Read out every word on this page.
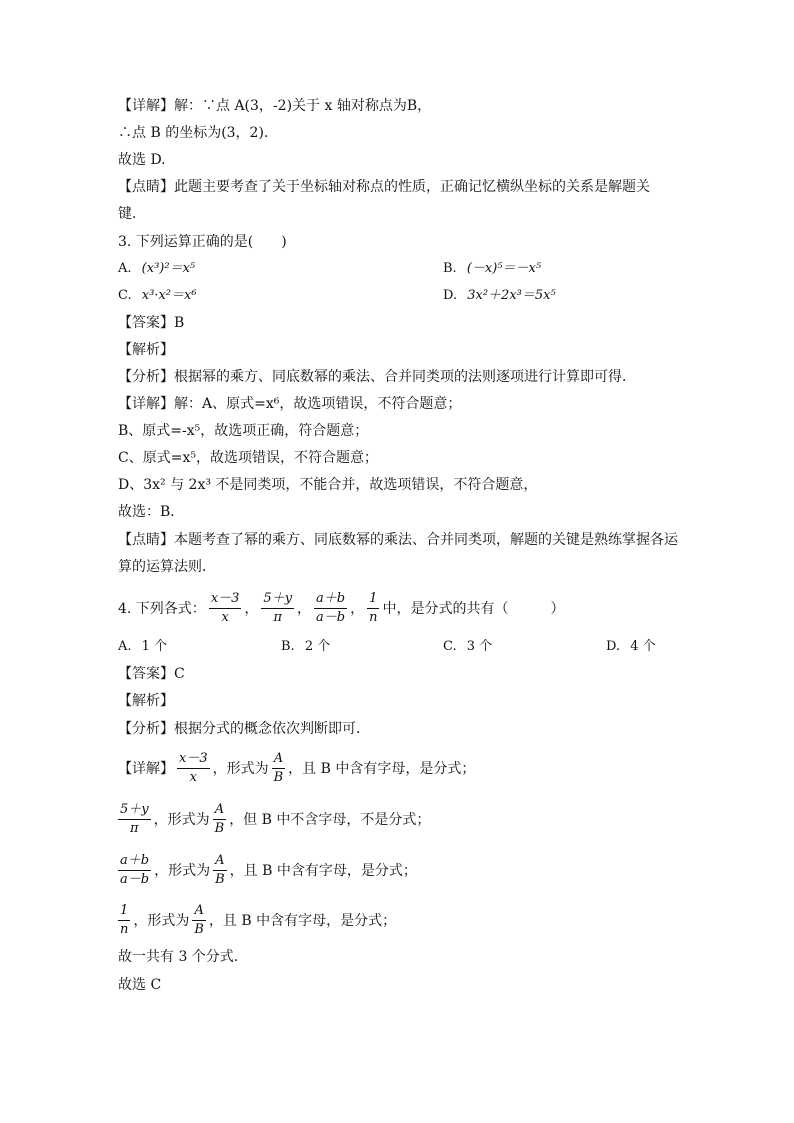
【详解】解：∵点 A(3，-2)关于 x 轴对称点为B，
∴点 B 的坐标为(3，2).
故选 D.
【点睛】此题主要考查了关于坐标轴对称点的性质，正确记忆横纵坐标的关系是解题关
键．
3. 下列运算正确的是(　　)
A. (x³)²＝x⁵	B. (－x)⁵＝－x⁵
C. x³·x²＝x⁶	D. 3x²＋2x³＝5x⁵
【答案】B
【解析】
【分析】根据幂的乘方、同底数幂的乘法、合并同类项的法则逐项进行计算即可得．
【详解】解：A、原式=x⁶，故选项错误，不符合题意；
B、原式=-x⁵，故选项正确，符合题意；
C、原式=x⁵，故选项错误，不符合题意；
D、3x² 与 2x³ 不是同类项，不能合并，故选项错误，不符合题意，
故选：B．
【点睛】本题考查了幂的乘方、同底数幂的乘法、合并同类项，解题的关键是熟练掌握各运
算的运算法则．
4. 下列各式： $\frac{x-3}{x}$ ， $\frac{5+y}{\pi}$ ， $\frac{a+b}{a-b}$ ， $\frac{1}{n}$ 中，是分式的共有（　　　）
A. 1 个	B. 2 个	C. 3 个	D. 4 个
【答案】C
【解析】
【分析】根据分式的概念依次判断即可．
【详解】 $\frac{x-3}{x}$ ，形式为 $\frac{A}{B}$ ，且 B 中含有字母，是分式；
$\frac{5+y}{\pi}$ ，形式为 $\frac{A}{B}$ ，但 B 中不含字母，不是分式；
$\frac{a+b}{a-b}$ ，形式为 $\frac{A}{B}$ ，且 B 中含有字母，是分式；
$\frac{1}{n}$ ，形式为 $\frac{A}{B}$ ，且 B 中含有字母，是分式；
故一共有 3 个分式．
故选 C
